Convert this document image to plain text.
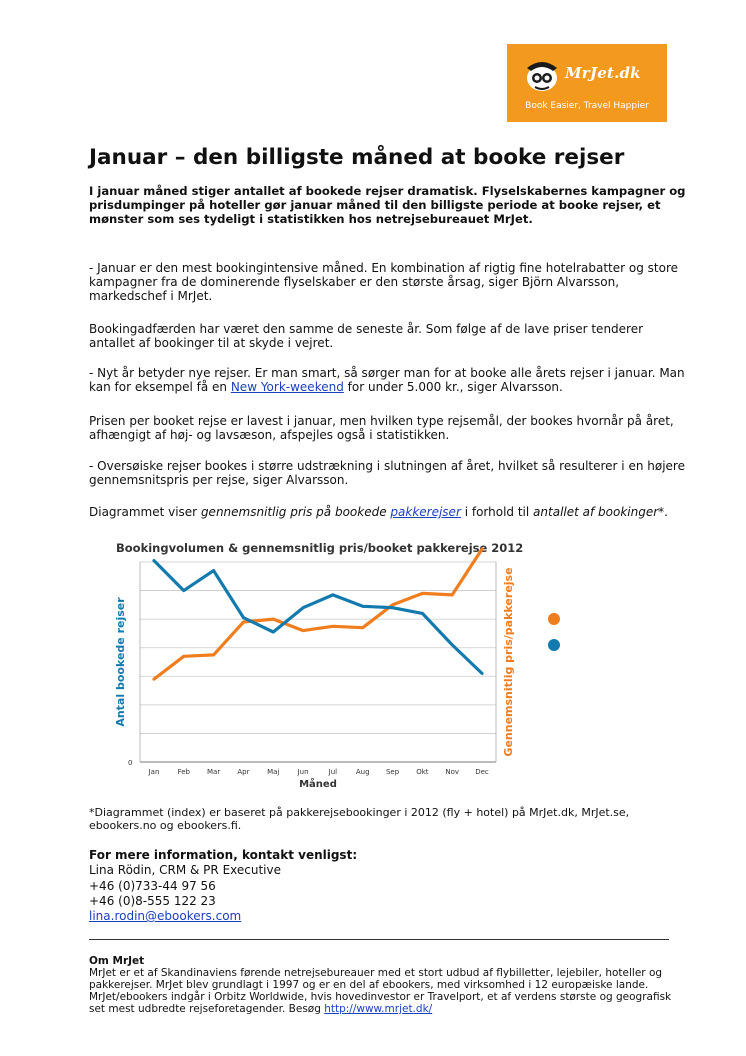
MrJet.dk
Book Easier, Travel Happier
Januar – den billigste måned at booke rejser

I januar måned stiger antallet af bookede rejser dramatisk. Flyselskabernes kampagner og prisdumpinger på hoteller gør januar måned til den billigste periode at booke rejser, et mønster som ses tydeligt i statistikken hos netrejsebureauet MrJet.

- Januar er den mest bookingintensive måned. En kombination af rigtig fine hotelrabatter og store kampagner fra de dominerende flyselskaber er den største årsag, siger Björn Alvarsson, markedschef i MrJet.

Bookingadfærden har været den samme de seneste år. Som følge af de lave priser tenderer antallet af bookinger til at skyde i vejret.

- Nyt år betyder nye rejser. Er man smart, så sørger man for at booke alle årets rejser i januar. Man kan for eksempel få en New York-weekend for under 5.000 kr., siger Alvarsson.

Prisen per booket rejse er lavest i januar, men hvilken type rejsemål, der bookes hvornår på året, afhængigt af høj- og lavsæson, afspejles også i statistikken.

- Oversøiske rejser bookes i større udstrækning i slutningen af året, hvilket så resulterer i en højere gennemsnitspris per rejse, siger Alvarsson.

Diagrammet viser gennemsnitlig pris på bookede pakkerejser i forhold til antallet af bookinger*.

Bookingvolumen & gennemsnitlig pris/booket pakkerejse 2012
0
Jan	Feb Mar Apr	Maj	Jun	Jul	Aug Sep Okt Nov Dec
Måned
Antal bookede rejser	Gennemsnitlig pris/pakkerejse

*Diagrammet (index) er baseret på pakkerejsebookinger i 2012 (fly + hotel) på MrJet.dk, MrJet.se, ebookers.no og ebookers.fi.

For mere information, kontakt venligst:

Lina Rödin, CRM & PR Executive

+46 (0)733-44 97 56

+46 (0)8-555 122 23

lina.rodin@ebookers.com

Om MrJet

MrJet er et af Skandinaviens førende netrejsebureauer med et stort udbud af flybilletter, lejebiler, hoteller og pakkerejser. MrJet blev grundlagt i 1997 og er en del af ebookers, med virksomhed i 12 europæiske lande. MrJet/ebookers indgår i Orbitz Worldwide, hvis hovedinvestor er Travelport, et af verdens største og geografisk set mest udbredte rejseforetagender. Besøg http://www.mrjet.dk/
